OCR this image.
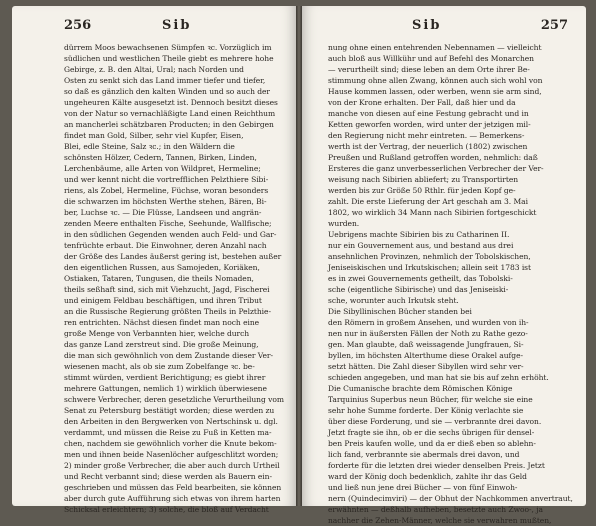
256	Sib
dürrem Moos bewachsenen Sümpfen ꝛc. Vorzüglich im
südlichen und westlichen Theile giebt es mehrere hohe
Gebirge, z. B. den Altai, Ural; nach Norden und
Osten zu senkt sich das Land immer tiefer und tiefer,
so daß es gänzlich den kalten Winden und so auch der
ungeheuren Kälte ausgesetzt ist. Dennoch besitzt dieses
von der Natur so vernachläßigte Land einen Reichthum
an mancherlei schätzbaren Producten; in den Gebirgen
findet man Gold, Silber, sehr viel Kupfer, Eisen,
Blei, edle Steine, Salz ꝛc.; in den Wäldern die
schönsten Hölzer, Cedern, Tannen, Birken, Linden,
Lerchenbäume, alle Arten von Wildpret, Hermeline;
und wer kennt nicht die vortrefflichen Pelzthiere Sibi-
riens, als Zobel, Hermeline, Füchse, woran besonders
die schwarzen im höchsten Werthe stehen, Bären, Bi-
ber, Luchse ꝛc. — Die Flüsse, Landseen und angrän-
zenden Meere enthalten Fische, Seehunde, Wallfische;
in den südlichen Gegenden wenden auch Feld- und Gar-
tenfrüchte erbaut. Die Einwohner, deren Anzahl nach
der Größe des Landes äußerst gering ist, bestehen außer
den eigentlichen Russen, aus Samojeden, Koriäken,
Ostiaken, Tataren, Tungusen, die theils Nomaden,
theils seßhaft sind, sich mit Viehzucht, Jagd, Fischerei
und einigem Feldbau beschäftigen, und ihren Tribut
an die Russische Regierung größten Theils in Pelzthie-
ren entrichten. Nächst diesen findet man noch eine
große Menge von Verbannten hier, welche durch
das ganze Land zerstreut sind. Die große Meinung,
die man sich gewöhnlich von dem Zustande dieser Ver-
wiesenen macht, als ob sie zum Zobelfange ꝛc. be-
stimmt würden, verdient Berichtigung; es giebt ihrer
mehrere Gattungen, nemlich 1) wirklich überwiesene
schwere Verbrecher, deren gesetzliche Verurtheilung vom
Senat zu Petersburg bestätigt worden; diese werden zu
den Arbeiten in den Bergwerken von Nertschinsk u. dgl.
verdammt, und müssen die Reise zu Fuß in Ketten ma-
chen, nachdem sie gewöhnlich vorher die Knute bekom-
men und ihnen beide Nasenlöcher aufgeschlitzt worden;
2) minder große Verbrecher, die aber auch durch Urtheil
und Recht verbannt sind; diese werden als Bauern ein-
geschrieben und müssen das Feld bearbeiten, sie können
aber durch gute Aufführung sich etwas von ihrem harten
Schicksal erleichtern; 3) solche, die bloß auf Verdacht
Sib	257
nung ohne einen entehrenden Nebennamen — vielleicht
auch bloß aus Willkühr und auf Befehl des Monarchen
— verurtheilt sind; diese leben an dem Orte ihrer Be-
stimmung ohne allen Zwang, können auch sich wohl von
Hause kommen lassen, oder werben, wenn sie arm sind,
von der Krone erhalten. Der Fall, daß hier und da
manche von diesen auf eine Festung gebracht und in
Ketten geworfen worden, wird unter der jetzigen mil-
den Regierung nicht mehr eintreten. — Bemerkens-
werth ist der Vertrag, der neuerlich (1802) zwischen
Preußen und Rußland getroffen worden, nehmlich: daß
Ersteres die ganz unverbesserlichen Verbrecher der Ver-
weisung nach Sibirien abliefert; zu Transportirten
werden bis zur Größe 50 Rthlr. für jeden Kopf ge-
zahlt. Die erste Lieferung der Art geschah am 3. Mai
1802, wo wirklich 34 Mann nach Sibirien fortgeschickt
wurden.
Uebrigens machte Sibirien bis zu Catharinen II.
nur ein Gouvernement aus, und bestand aus drei
ansehnlichen Provinzen, nehmlich der Tobolskischen,
Jeniseiskischen und Irkutskischen; allein seit 1783 ist
es in zwei Gouvernements getheilt, das Tobolski-
sche (eigentliche Sibirische) und das Jeniseiski-
sche, worunter auch Irkutsk steht.
Die Sibyllinischen Bücher standen bei
den Römern in großem Ansehen, und wurden von ih-
nen nur in äußersten Fällen der Noth zu Rathe gezo-
gen. Man glaubte, daß weissagende Jungfrauen, Si-
byllen, im höchsten Alterthume diese Orakel aufge-
setzt hätten. Die Zahl dieser Sibyllen wird sehr ver-
schieden angegeben, und man hat sie bis auf zehn erhöht.
Die Cumanische brachte dem Römischen Könige
Tarquinius Superbus neun Bücher, für welche sie eine
sehr hohe Summe forderte. Der König verlachte sie
über diese Forderung, und sie — verbrannte drei davon.
Jetzt fragte sie ihn, ob er die sechs übrigen für densel-
ben Preis kaufen wolle, und da er dieß eben so ablehn-
lich fand, verbrannte sie abermals drei davon, und
forderte für die letzten drei wieder denselben Preis. Jetzt
ward der König doch bedenklich, zahlte ihr das Geld
und ließ nun jene drei Bücher — von fünf Einwoh-
nern (Quindecimviri) — der Obhut der Nachkommen anvertraut,
erwähnten — deßhalb aufheben, besetzte auch Zwoo-, ja
nachher die Zehen-Männer, welche sie verwahren mußten,
